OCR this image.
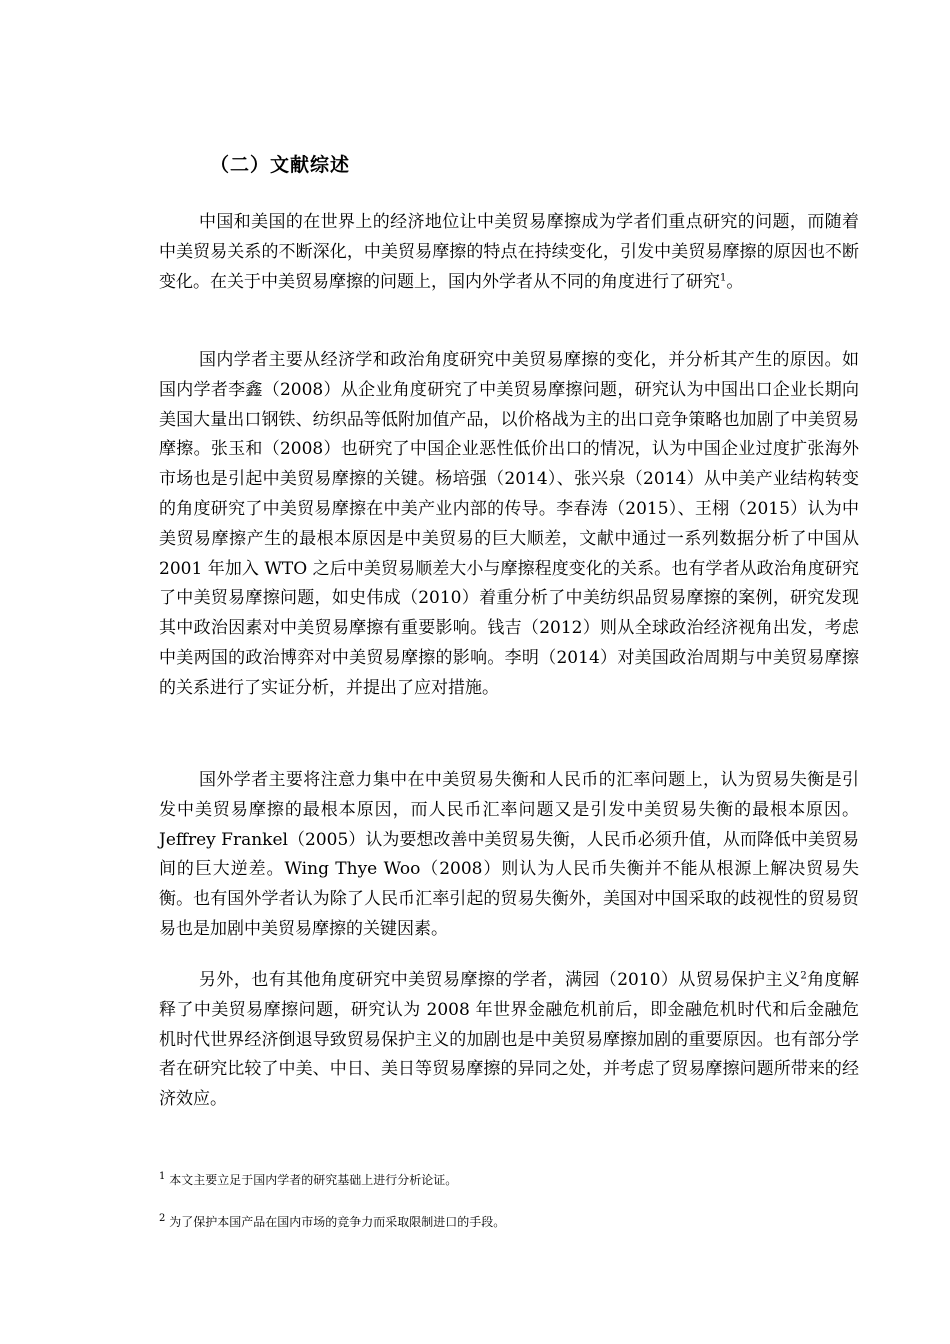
（二）文献综述
中国和美国的在世界上的经济地位让中美贸易摩擦成为学者们重点研究的问题，而随着中美贸易关系的不断深化，中美贸易摩擦的特点在持续变化，引发中美贸易摩擦的原因也不断变化。在关于中美贸易摩擦的问题上，国内外学者从不同的角度进行了研究$^1$。
国内学者主要从经济学和政治角度研究中美贸易摩擦的变化，并分析其产生的原因。如国内学者李鑫（2008）从企业角度研究了中美贸易摩擦问题，研究认为中国出口企业长期向美国大量出口钢铁、纺织品等低附加值产品，以价格战为主的出口竞争策略也加剧了中美贸易摩擦。张玉和（2008）也研究了中国企业恶性低价出口的情况，认为中国企业过度扩张海外市场也是引起中美贸易摩擦的关键。杨培强（2014）、张兴泉（2014）从中美产业结构转变的角度研究了中美贸易摩擦在中美产业内部的传导。李春涛（2015）、王栩（2015）认为中美贸易摩擦产生的最根本原因是中美贸易的巨大顺差，文献中通过一系列数据分析了中国从 2001 年加入 WTO 之后中美贸易顺差大小与摩擦程度变化的关系。也有学者从政治角度研究了中美贸易摩擦问题，如史伟成（2010）着重分析了中美纺织品贸易摩擦的案例，研究发现其中政治因素对中美贸易摩擦有重要影响。钱吉（2012）则从全球政治经济视角出发，考虑中美两国的政治博弈对中美贸易摩擦的影响。李明（2014）对美国政治周期与中美贸易摩擦的关系进行了实证分析，并提出了应对措施。
国外学者主要将注意力集中在中美贸易失衡和人民币的汇率问题上，认为贸易失衡是引发中美贸易摩擦的最根本原因，而人民币汇率问题又是引发中美贸易失衡的最根本原因。Jeffrey Frankel（2005）认为要想改善中美贸易失衡，人民币必须升值，从而降低中美贸易间的巨大逆差。Wing Thye Woo（2008）则认为人民币失衡并不能从根源上解决贸易失衡。也有国外学者认为除了人民币汇率引起的贸易失衡外，美国对中国采取的歧视性的贸易贸易也是加剧中美贸易摩擦的关键因素。
另外，也有其他角度研究中美贸易摩擦的学者，满园（2010）从贸易保护主义$^2$角度解释了中美贸易摩擦问题，研究认为 2008 年世界金融危机前后，即金融危机时代和后金融危机时代世界经济倒退导致贸易保护主义的加剧也是中美贸易摩擦加剧的重要原因。也有部分学者在研究比较了中美、中日、美日等贸易摩擦的异同之处，并考虑了贸易摩擦问题所带来的经济效应。
$^1$ 本文主要立足于国内学者的研究基础上进行分析论证。
$^2$ 为了保护本国产品在国内市场的竞争力而采取限制进口的手段。
